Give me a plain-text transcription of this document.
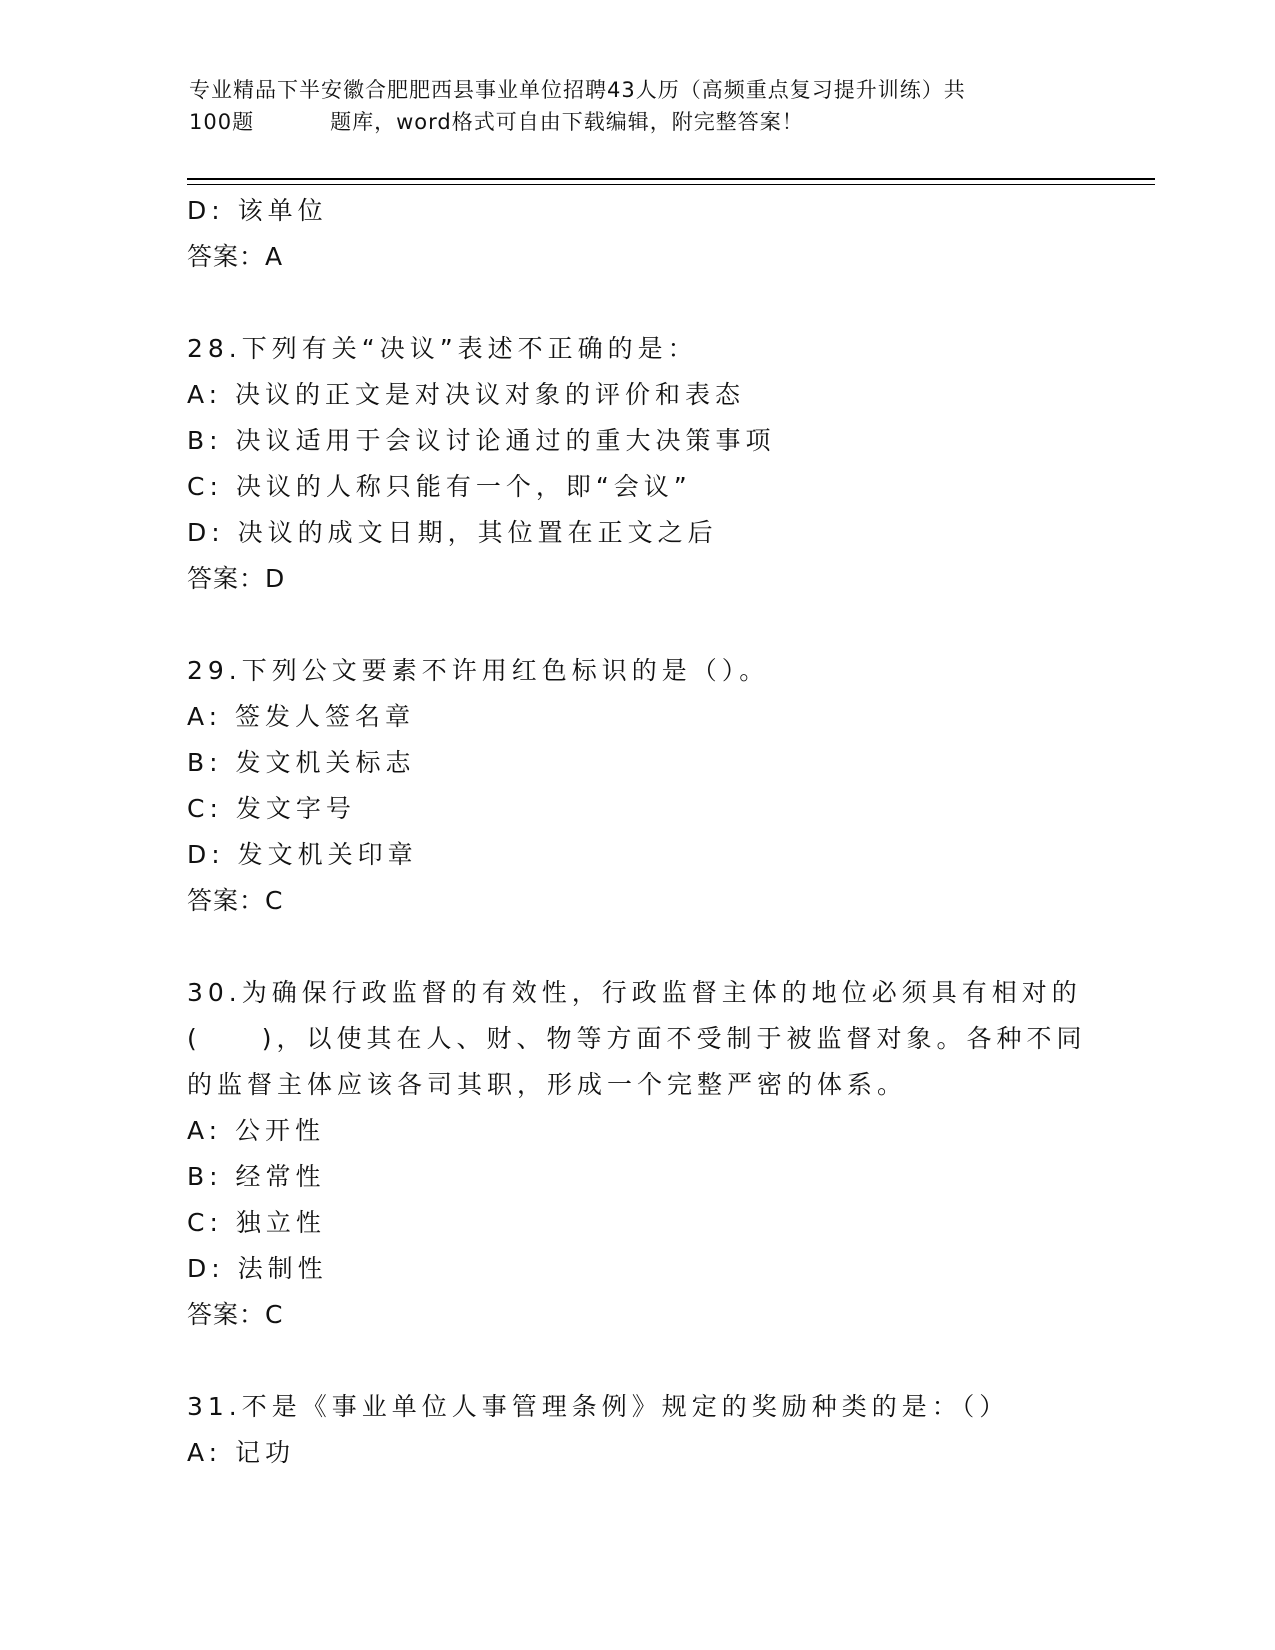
专业精品下半安徽合肥肥西县事业单位招聘43人历（高频重点复习提升训练）共
100题	题库，word格式可自由下载编辑，附完整答案！
D: 该单位
答案：A
28.下列有关“决议”表述不正确的是：
A: 决议的正文是对决议对象的评价和表态
B: 决议适用于会议讨论通过的重大决策事项
C: 决议的人称只能有一个，即“会议”
D: 决议的成文日期，其位置在正文之后
答案：D
29.下列公文要素不许用红色标识的是（）。
A: 签发人签名章
B: 发文机关标志
C: 发文字号
D: 发文机关印章
答案：C
30.为确保行政监督的有效性，行政监督主体的地位必须具有相对的
(　　)，以使其在人、财、物等方面不受制于被监督对象。各种不同
的监督主体应该各司其职，形成一个完整严密的体系。
A: 公开性
B: 经常性
C: 独立性
D: 法制性
答案：C
31.不是《事业单位人事管理条例》规定的奖励种类的是：（）
A: 记功
